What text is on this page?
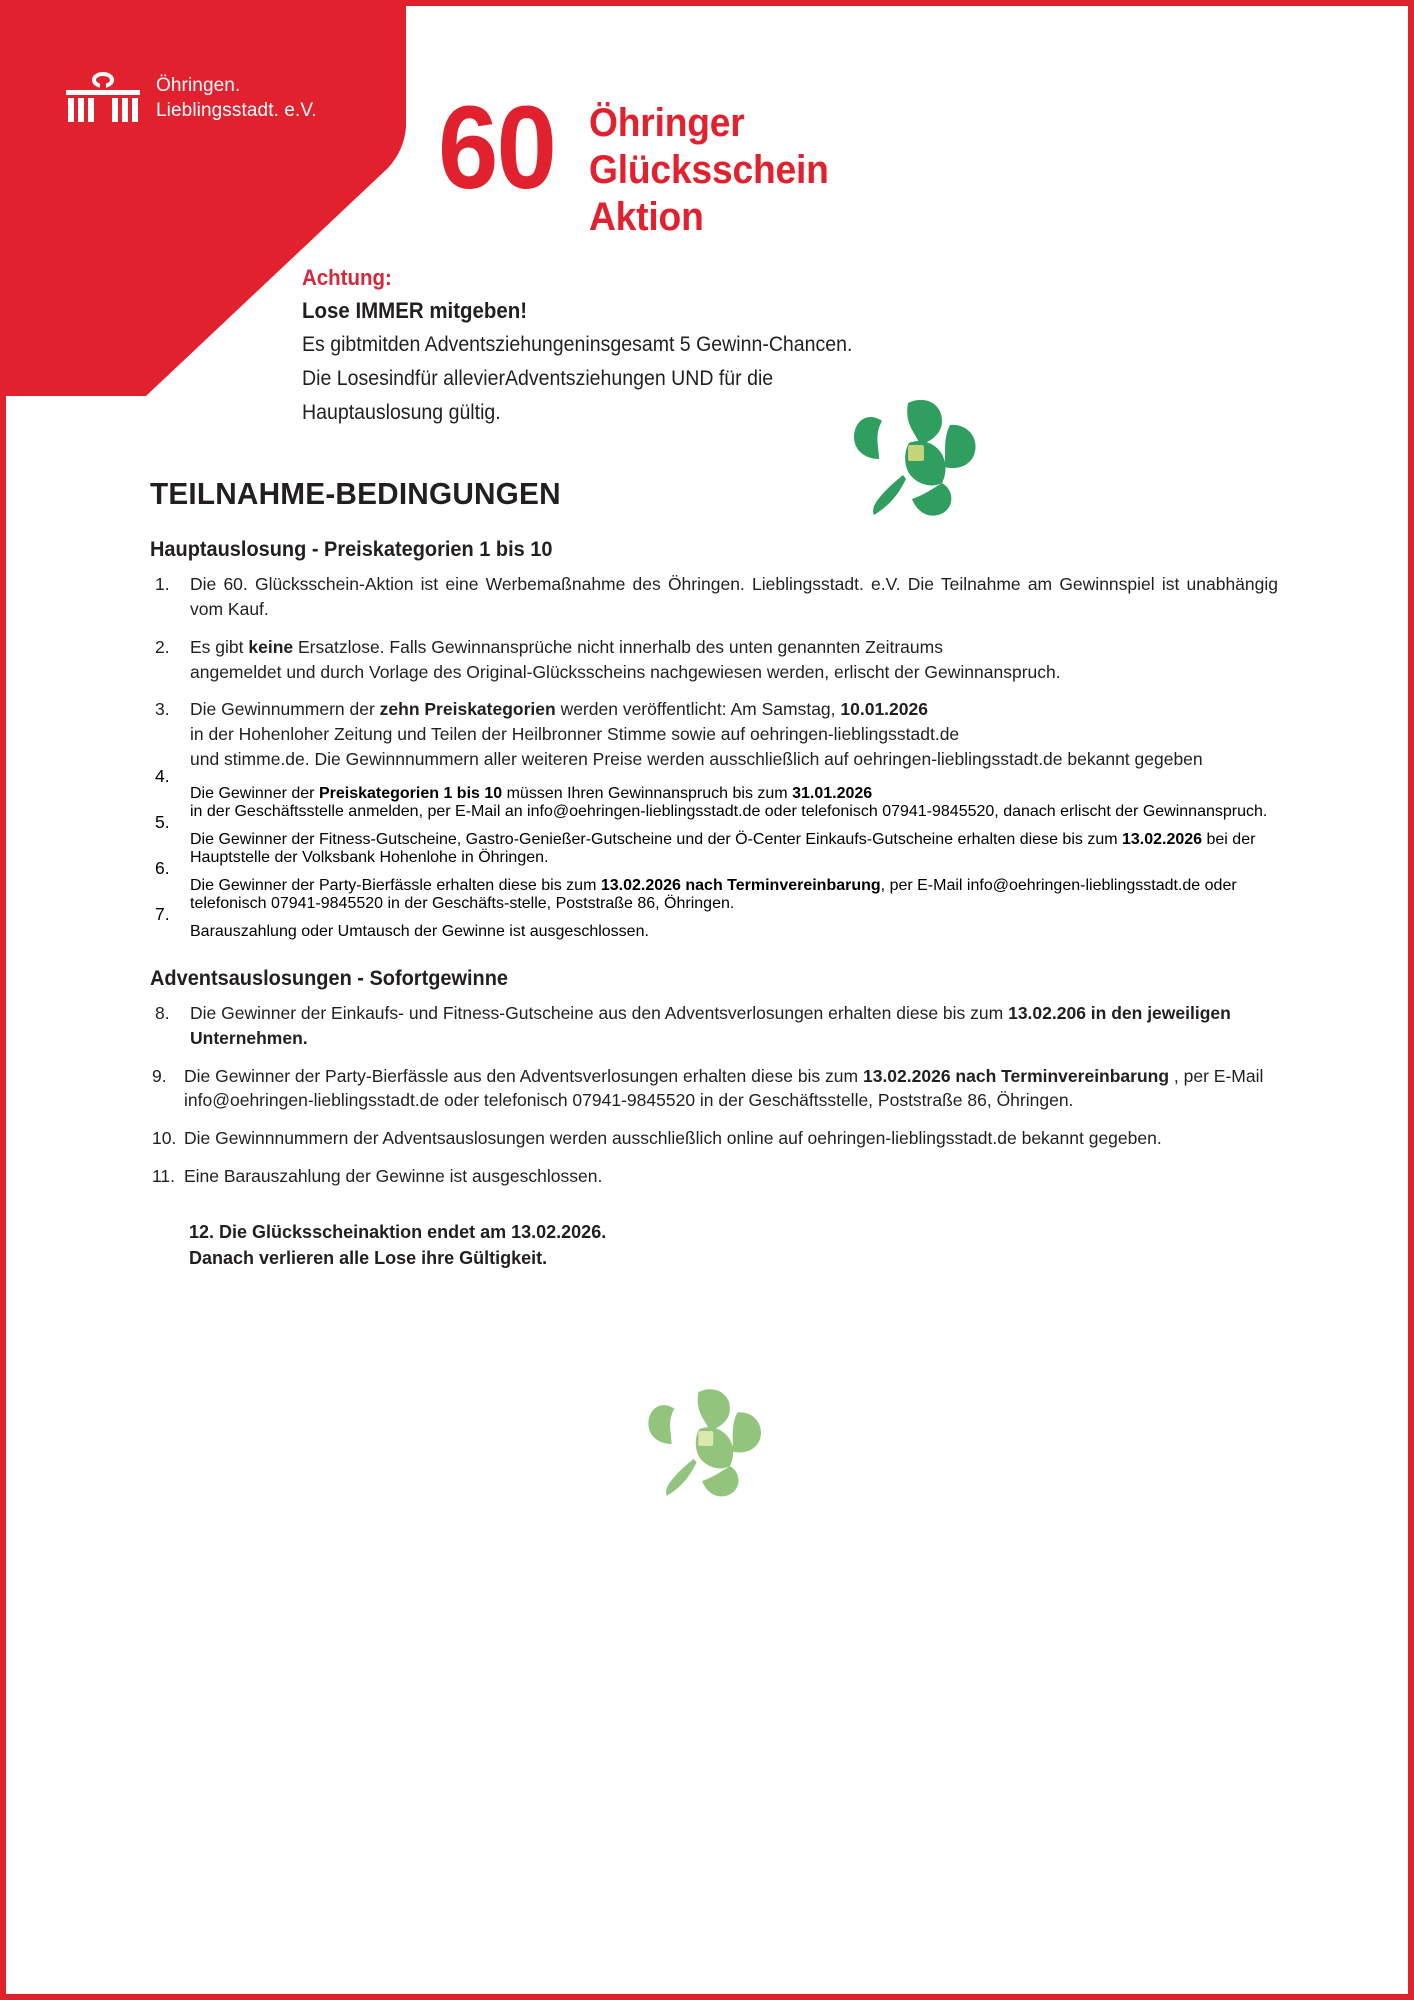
Öhringen.
Lieblingsstadt. e.V. 60 Öhringer
Glücksschein
Aktion
Achtung:
Lose IMMER mitgeben!
Es gibtmitden Adventsziehungeninsgesamt 5 Gewinn-Chancen.
Die Losesindfür allevierAdventsziehungen UND für die
Hauptauslosung gültig.
TEILNAHME-BEDINGUNGEN
Hauptauslosung - Preiskategorien 1 bis 10
1.	Die 60. Glücksschein-Aktion ist eine Werbemaßnahme des Öhringen. Lieblingsstadt. e.V. Die Teilnahme am Gewinnspiel ist unabhängig vom Kauf.

2.	Es gibt keine Ersatzlose. Falls Gewinnansprüche nicht innerhalb des unten genannten Zeitraums

angemeldet und durch Vorlage des Original-Glücksscheins nachgewiesen werden, erlischt der Gewinnanspruch.

3.	Die Gewinnummern der zehn Preiskategorien werden veröffentlicht: Am Samstag, 10.01.2026

in der Hohenloher Zeitung und Teilen der Heilbronner Stimme sowie auf oehringen-lieblingsstadt.de

und stimme.de. Die Gewinnnummern aller weiteren Preise werden ausschließlich auf oehringen-lieblingsstadt.de bekannt gegeben

4.

Die Gewinner der Preiskategorien 1 bis 10 müssen Ihren Gewinnanspruch bis zum 31.01.2026

in der Geschäftsstelle anmelden, per E-Mail an info@oehringen-lieblingsstadt.de oder telefonisch 07941-9845520, danach erlischt der Gewinnanspruch.

5.

Die Gewinner der Fitness-Gutscheine, Gastro-Genießer-Gutscheine und der Ö-Center Einkaufs-Gutscheine erhalten diese bis zum 13.02.2026 bei der Hauptstelle der Volksbank Hohenlohe in Öhringen.

6.

Die Gewinner der Party-Bierfässle erhalten diese bis zum 13.02.2026 nach Terminvereinbarung, per E-Mail info@oehringen-lieblingsstadt.de oder telefonisch 07941-9845520 in der Geschäfts-stelle, Poststraße 86, Öhringen.

7.

Barauszahlung oder Umtausch der Gewinne ist ausgeschlossen.

Adventsauslosungen - Sofortgewinne
8.	Die Gewinner der Einkaufs- und Fitness-Gutscheine aus den Adventsverlosungen erhalten diese bis zum 13.02.206 in den jeweiligen Unternehmen.

9. Die Gewinner der Party-Bierfässle aus den Adventsverlosungen erhalten diese bis zum 13.02.2026 nach Terminvereinbarung , per E-Mail info@oehringen-lieblingsstadt.de oder telefonisch 07941-9845520 in der Geschäftsstelle, Poststraße 86, Öhringen.

10. Die Gewinnnummern der Adventsauslosungen werden ausschließlich online auf oehringen-lieblingsstadt.de bekannt gegeben.

11. Eine Barauszahlung der Gewinne ist ausgeschlossen.

12. Die Glücksscheinaktion endet am 13.02.2026.
Danach verlieren alle Lose ihre Gültigkeit.
